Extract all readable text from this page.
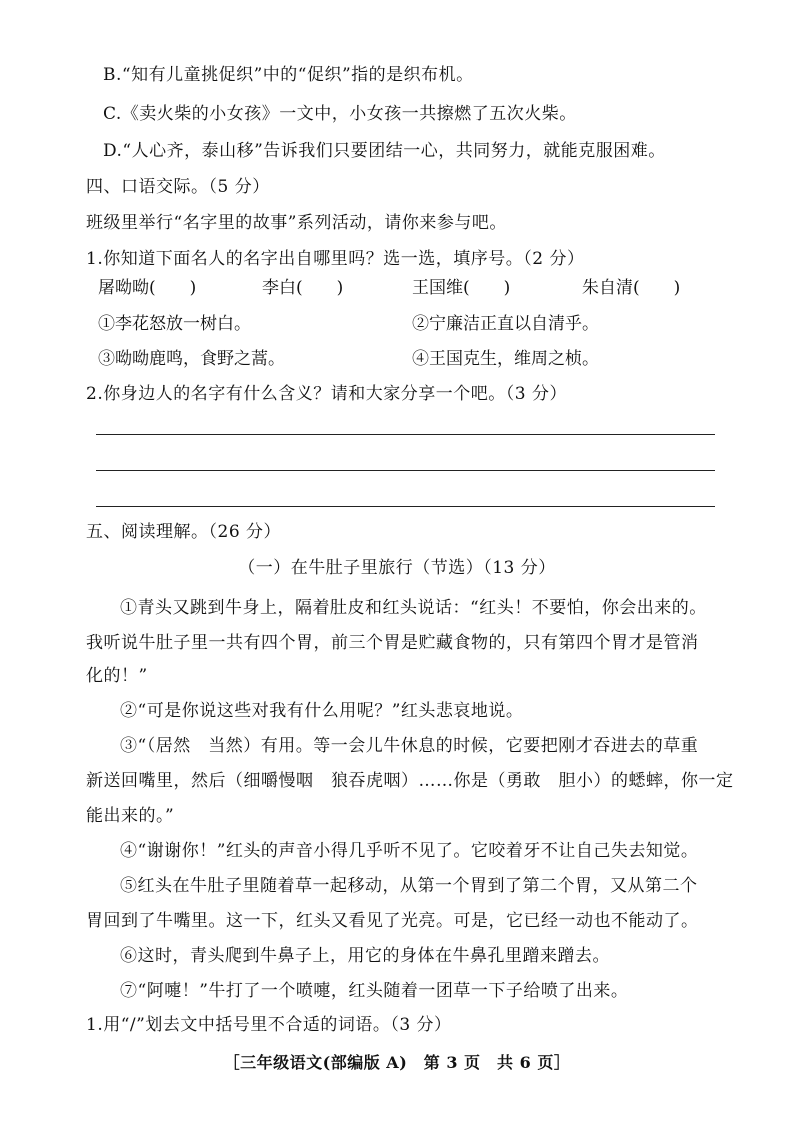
B.“知有儿童挑促织”中的“促织”指的是织布机。
C.《卖火柴的小女孩》一文中，小女孩一共擦燃了五次火柴。
D.“人心齐，泰山移”告诉我们只要团结一心，共同努力，就能克服困难。
四、口语交际。（5 分）
班级里举行“名字里的故事”系列活动，请你来参与吧。
1.你知道下面名人的名字出自哪里吗？选一选，填序号。（2 分）
屠呦呦(　　)	李白(　　)	王国维(　　)	朱自清(　　)
①李花怒放一树白。	②宁廉洁正直以自清乎。
③呦呦鹿鸣，食野之蒿。	④王国克生，维周之桢。
2.你身边人的名字有什么含义？请和大家分享一个吧。（3 分）
五、阅读理解。（26 分）
（一）在牛肚子里旅行（节选）（13 分）
①青头又跳到牛身上，隔着肚皮和红头说话：“红头！不要怕，你会出来的。
我听说牛肚子里一共有四个胃，前三个胃是贮藏食物的，只有第四个胃才是管消
化的！”
②“可是你说这些对我有什么用呢？”红头悲哀地说。
③“（居然　当然）有用。等一会儿牛休息的时候，它要把刚才吞进去的草重
新送回嘴里，然后（细嚼慢咽　狼吞虎咽）……你是（勇敢　胆小）的蟋蟀，你一定
能出来的。”
④“谢谢你！”红头的声音小得几乎听不见了。它咬着牙不让自己失去知觉。
⑤红头在牛肚子里随着草一起移动，从第一个胃到了第二个胃，又从第二个
胃回到了牛嘴里。这一下，红头又看见了光亮。可是，它已经一动也不能动了。
⑥这时，青头爬到牛鼻子上，用它的身体在牛鼻孔里蹭来蹭去。
⑦“阿嚏！”牛打了一个喷嚏，红头随着一团草一下子给喷了出来。
1.用“/”划去文中括号里不合适的词语。（3 分）
［三年级语文(部编版 A)　第 3 页　共 6 页］
